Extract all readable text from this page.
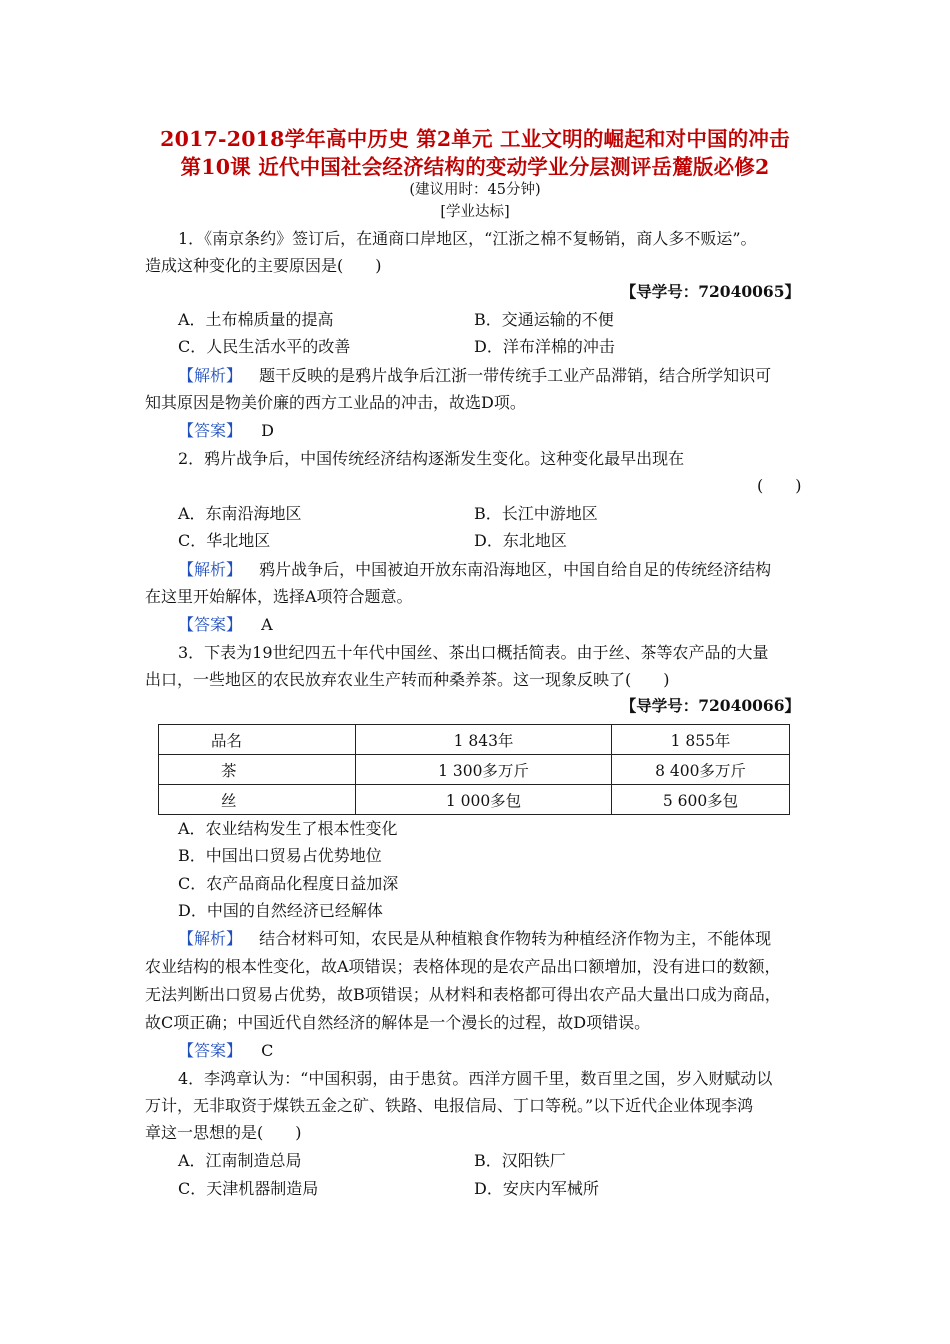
2017-2018学年高中历史 第2单元 工业文明的崛起和对中国的冲击
第10课 近代中国社会经济结构的变动学业分层测评岳麓版必修2
(建议用时：45分钟)
[学业达标]
1．《南京条约》签订后，在通商口岸地区，“江浙之棉不复畅销，商人多不贩运”。
造成这种变化的主要原因是(　　)
【导学号：72040065】
A．土布棉质量的提高	B．交通运输的不便
C．人民生活水平的改善	D．洋布洋棉的冲击
【解析】 题干反映的是鸦片战争后江浙一带传统手工业产品滞销，结合所学知识可
知其原因是物美价廉的西方工业品的冲击，故选D项。
【答案】 D
2．鸦片战争后，中国传统经济结构逐渐发生变化。这种变化最早出现在
(　　)
A．东南沿海地区	B．长江中游地区
C．华北地区	D．东北地区
【解析】 鸦片战争后，中国被迫开放东南沿海地区，中国自给自足的传统经济结构
在这里开始解体，选择A项符合题意。
【答案】 A
3．下表为19世纪四五十年代中国丝、茶出口概括简表。由于丝、茶等农产品的大量
出口，一些地区的农民放弃农业生产转而种桑养茶。这一现象反映了(　　)
【导学号：72040066】
品名	1 843年	1 855年
茶	1 300多万斤	8 400多万斤
丝	1 000多包	5 600多包
A．农业结构发生了根本性变化
B．中国出口贸易占优势地位
C．农产品商品化程度日益加深
D．中国的自然经济已经解体
【解析】 结合材料可知，农民是从种植粮食作物转为种植经济作物为主，不能体现
农业结构的根本性变化，故A项错误；表格体现的是农产品出口额增加，没有进口的数额，
无法判断出口贸易占优势，故B项错误；从材料和表格都可得出农产品大量出口成为商品，
故C项正确；中国近代自然经济的解体是一个漫长的过程，故D项错误。
【答案】 C
4．李鸿章认为：“中国积弱，由于患贫。西洋方圆千里，数百里之国，岁入财赋动以
万计，无非取资于煤铁五金之矿、铁路、电报信局、丁口等税。”以下近代企业体现李鸿
章这一思想的是(　　)
A．江南制造总局	B．汉阳铁厂
C．天津机器制造局	D．安庆内军械所
